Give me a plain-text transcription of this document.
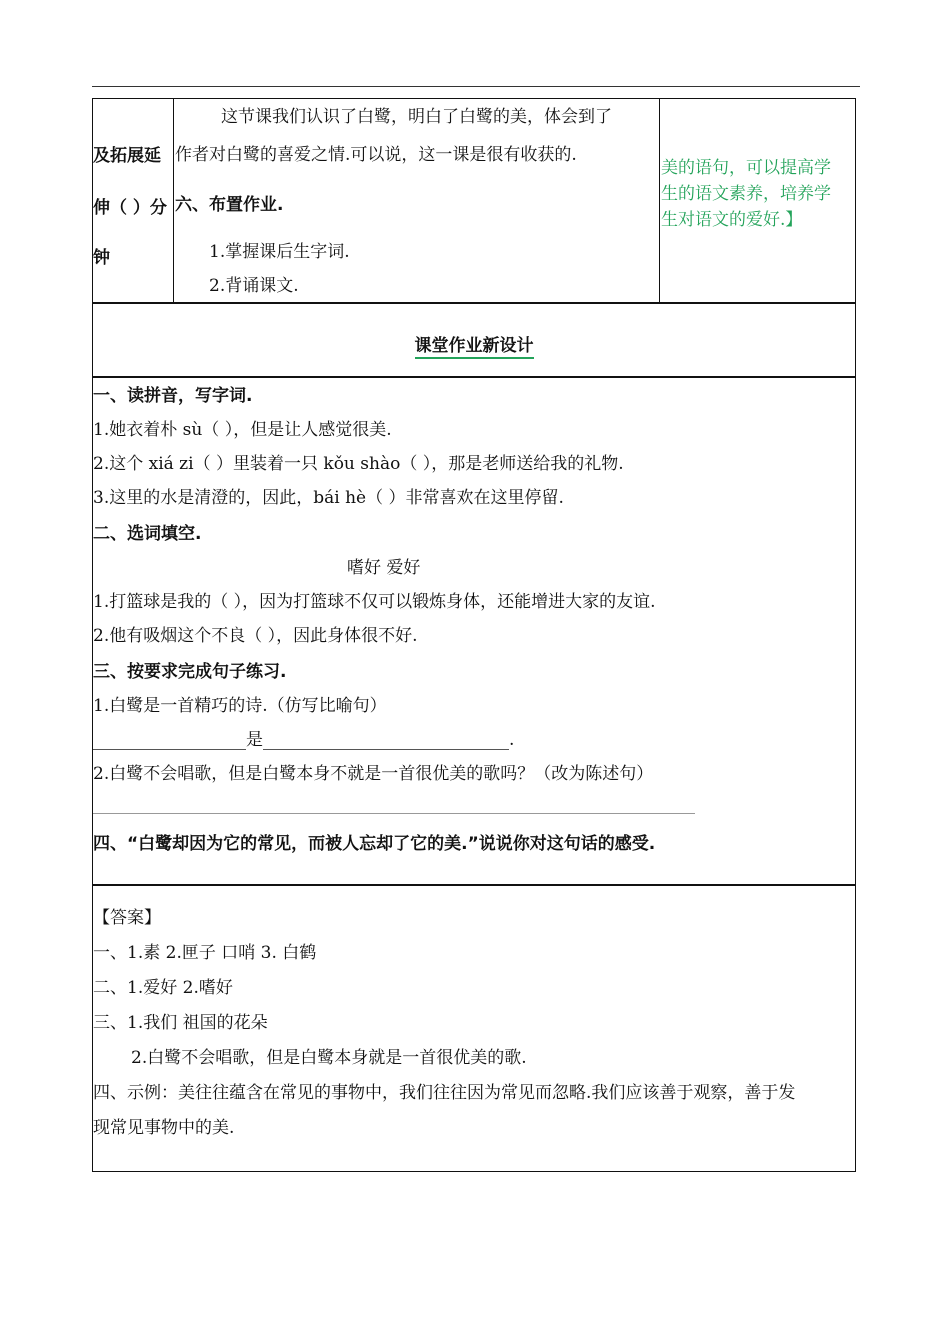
及拓展延
伸（ ）分
钟
这节课我们认识了白鹭，明白了白鹭的美，体会到了
作者对白鹭的喜爱之情.可以说，这一课是很有收获的.
六、布置作业.
1.掌握课后生字词.
2.背诵课文.
美的语句，可以提高学
生的语文素养，培养学
生对语文的爱好.】
课堂作业新设计
一、读拼音，写字词.
1.她衣着朴 sù（ ），但是让人感觉很美.
2.这个 xiá zi（ ）里装着一只 kǒu shào（ ），那是老师送给我的礼物.
3.这里的水是清澄的，因此，bái hè（ ）非常喜欢在这里停留.
二、选词填空.
嗜好 爱好
1.打篮球是我的（ ），因为打篮球不仅可以锻炼身体，还能增进大家的友谊.
2.他有吸烟这个不良（ ），因此身体很不好.
三、按要求完成句子练习.
1.白鹭是一首精巧的诗.（仿写比喻句）
是	.
2.白鹭不会唱歌，但是白鹭本身不就是一首很优美的歌吗？（改为陈述句）
四、“白鹭却因为它的常见，而被人忘却了它的美.”说说你对这句话的感受.
【答案】
一、1.素 2.匣子 口哨 3. 白鹤
二、1.爱好 2.嗜好
三、1.我们 祖国的花朵
2.白鹭不会唱歌，但是白鹭本身就是一首很优美的歌.
四、示例：美往往蕴含在常见的事物中，我们往往因为常见而忽略.我们应该善于观察，善于发
现常见事物中的美.
